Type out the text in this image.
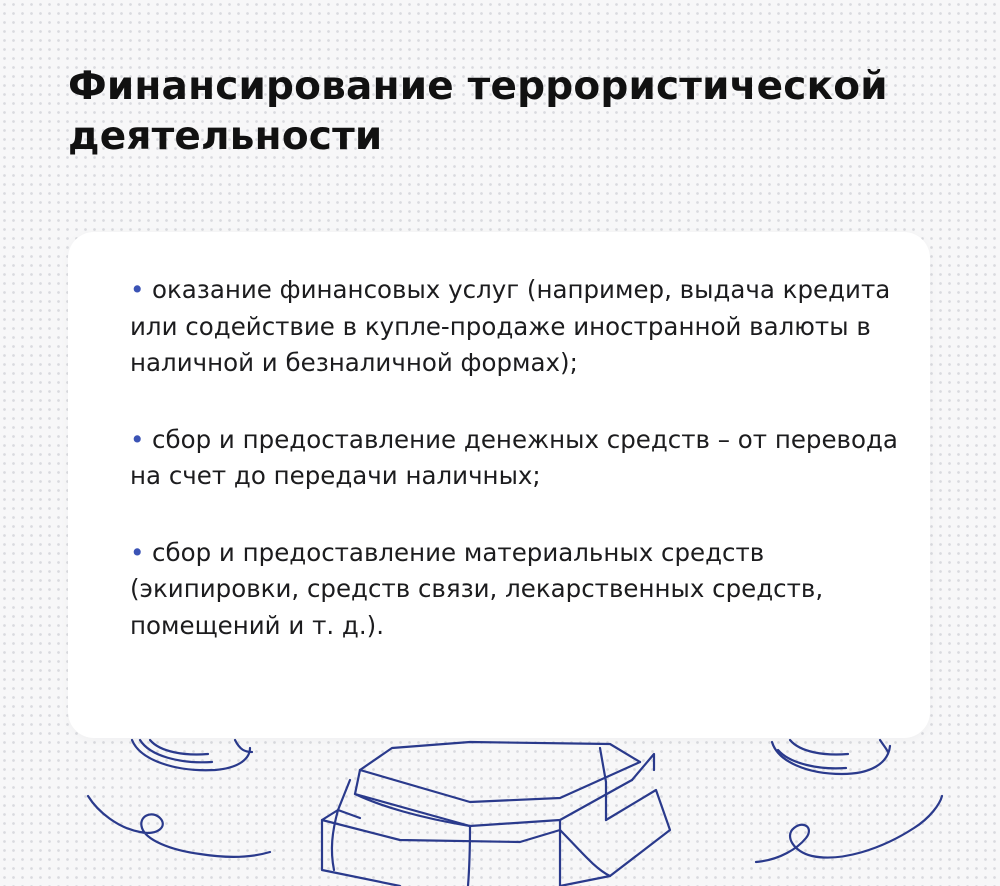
Финансирование террористической деятельности
• оказание финансовых услуг (например, выдача кредита или содействие в купле-продаже иностранной валюты в наличной и безналичной формах);
• сбор и предоставление денежных средств – от перевода на счет до передачи наличных;
• сбор и предоставление материальных средств (экипировки, средств связи, лекарственных средств, помещений и т. д.).
